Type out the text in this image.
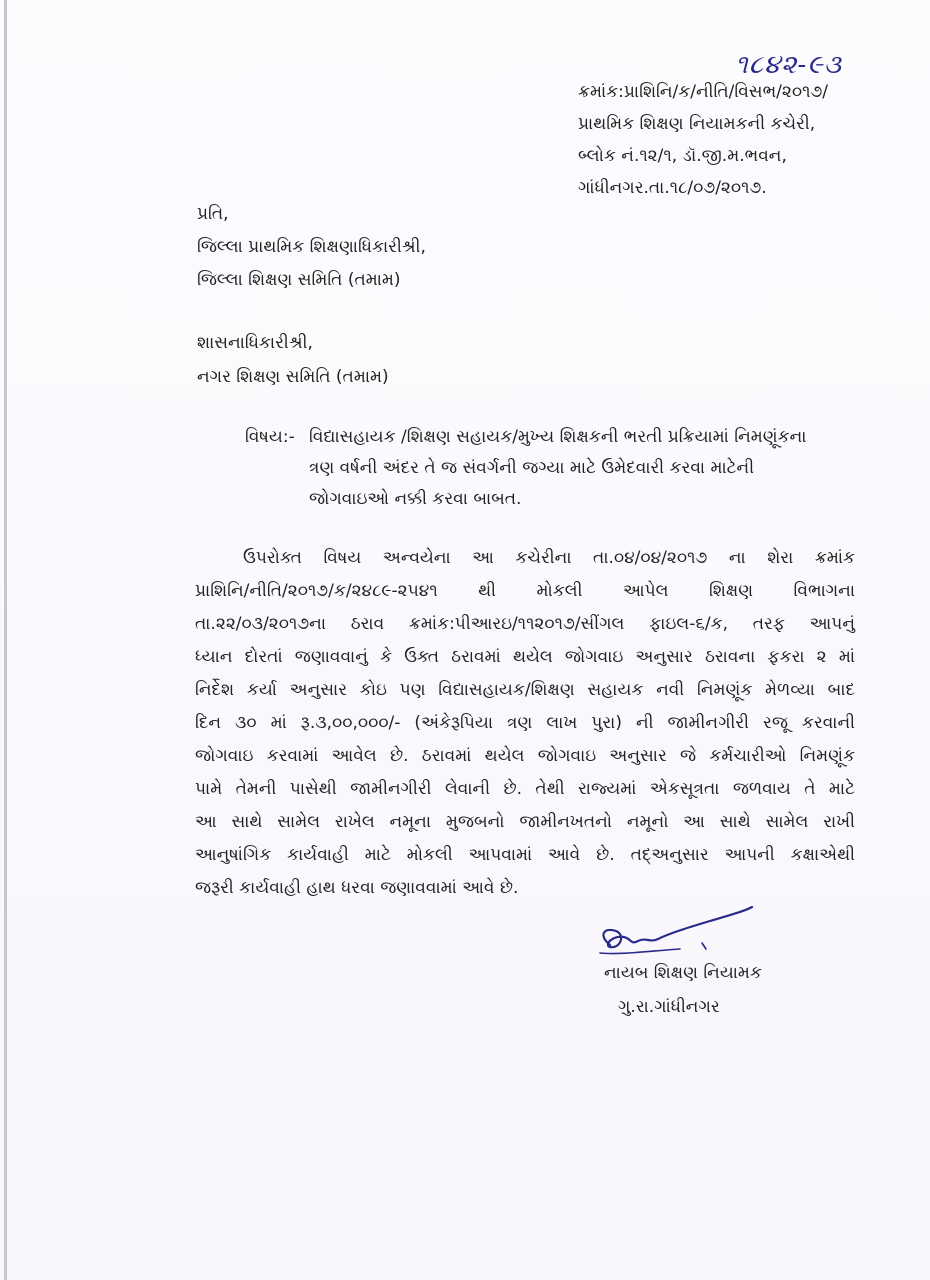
૧૮૪૨-૯૩
ક્રમાંક:પ્રાશિનિ/ક/નીતિ/વિસભ/૨૦૧૭/
પ્રાથમિક શિક્ષણ નિયામકની કચેરી,
બ્લોક નં.૧૨/૧, ડૉ.જી.મ.ભવન,
ગાંધીનગર.તા.૧૮/૦૭/૨૦૧૭.
પ્રતિ,
જિલ્લા પ્રાથમિક શિક્ષણાધિકારીશ્રી,
જિલ્લા શિક્ષણ સમિતિ (તમામ)
શાસનાધિકારીશ્રી,
નગર શિક્ષણ સમિતિ (તમામ)
વિષય:- વિદ્યાસહાયક /શિક્ષણ સહાયક/મુખ્ય શિક્ષકની ભરતી પ્રક્રિયામાં નિમણૂંકના
ત્રણ વર્ષની અંદર તે જ સંવર્ગની જગ્યા માટે ઉમેદવારી કરવા માટેની
જોગવાઇઓ નક્કી કરવા બાબત.
ઉપરોક્ત વિષય અન્વયેના આ કચેરીના તા.૦૪/૦૪/૨૦૧૭ ના શેરા ક્રમાંક
પ્રાશિનિ/નીતિ/૨૦૧૭/ક/૨૪૮૯-૨૫૪૧ થી મોકલી આપેલ શિક્ષણ વિભાગના
તા.૨૨/૦૩/૨૦૧૭ના ઠરાવ ક્રમાંક:પીઆરઇ/૧૧૨૦૧૭/સીંગલ ફાઇલ-૬/ક, તરફ આપનું
ધ્યાન દોરતાં જણાવવાનું કે ઉક્ત ઠરાવમાં થયેલ જોગવાઇ અનુસાર ઠરાવના ફકરા ૨ માં
નિર્દેશ કર્યા અનુસાર કોઇ પણ વિદ્યાસહાયક/શિક્ષણ સહાયક નવી નિમણૂંક મેળવ્યા બાદ
દિન ૩૦ માં રૂ.૩,૦૦,૦૦૦/- (અંકેરૂપિયા ત્રણ લાખ પુરા) ની જામીનગીરી રજૂ કરવાની
જોગવાઇ કરવામાં આવેલ છે. ઠરાવમાં થયેલ જોગવાઇ અનુસાર જે કર્મચારીઓ નિમણૂંક
પામે તેમની પાસેથી જામીનગીરી લેવાની છે. તેથી રાજ્યમાં એકસૂત્રતા જળવાય તે માટે
આ સાથે સામેલ રાખેલ નમૂના મુજબનો જામીનખતનો નમૂનો આ સાથે સામેલ રાખી
આનુષાંગિક કાર્યવાહી માટે મોકલી આપવામાં આવે છે. તદ્અનુસાર આપની કક્ષાએથી
જરૂરી કાર્યવાહી હાથ ધરવા જણાવવામાં આવે છે.
નાયબ શિક્ષણ નિયામક
ગુ.રા.ગાંધીનગર
